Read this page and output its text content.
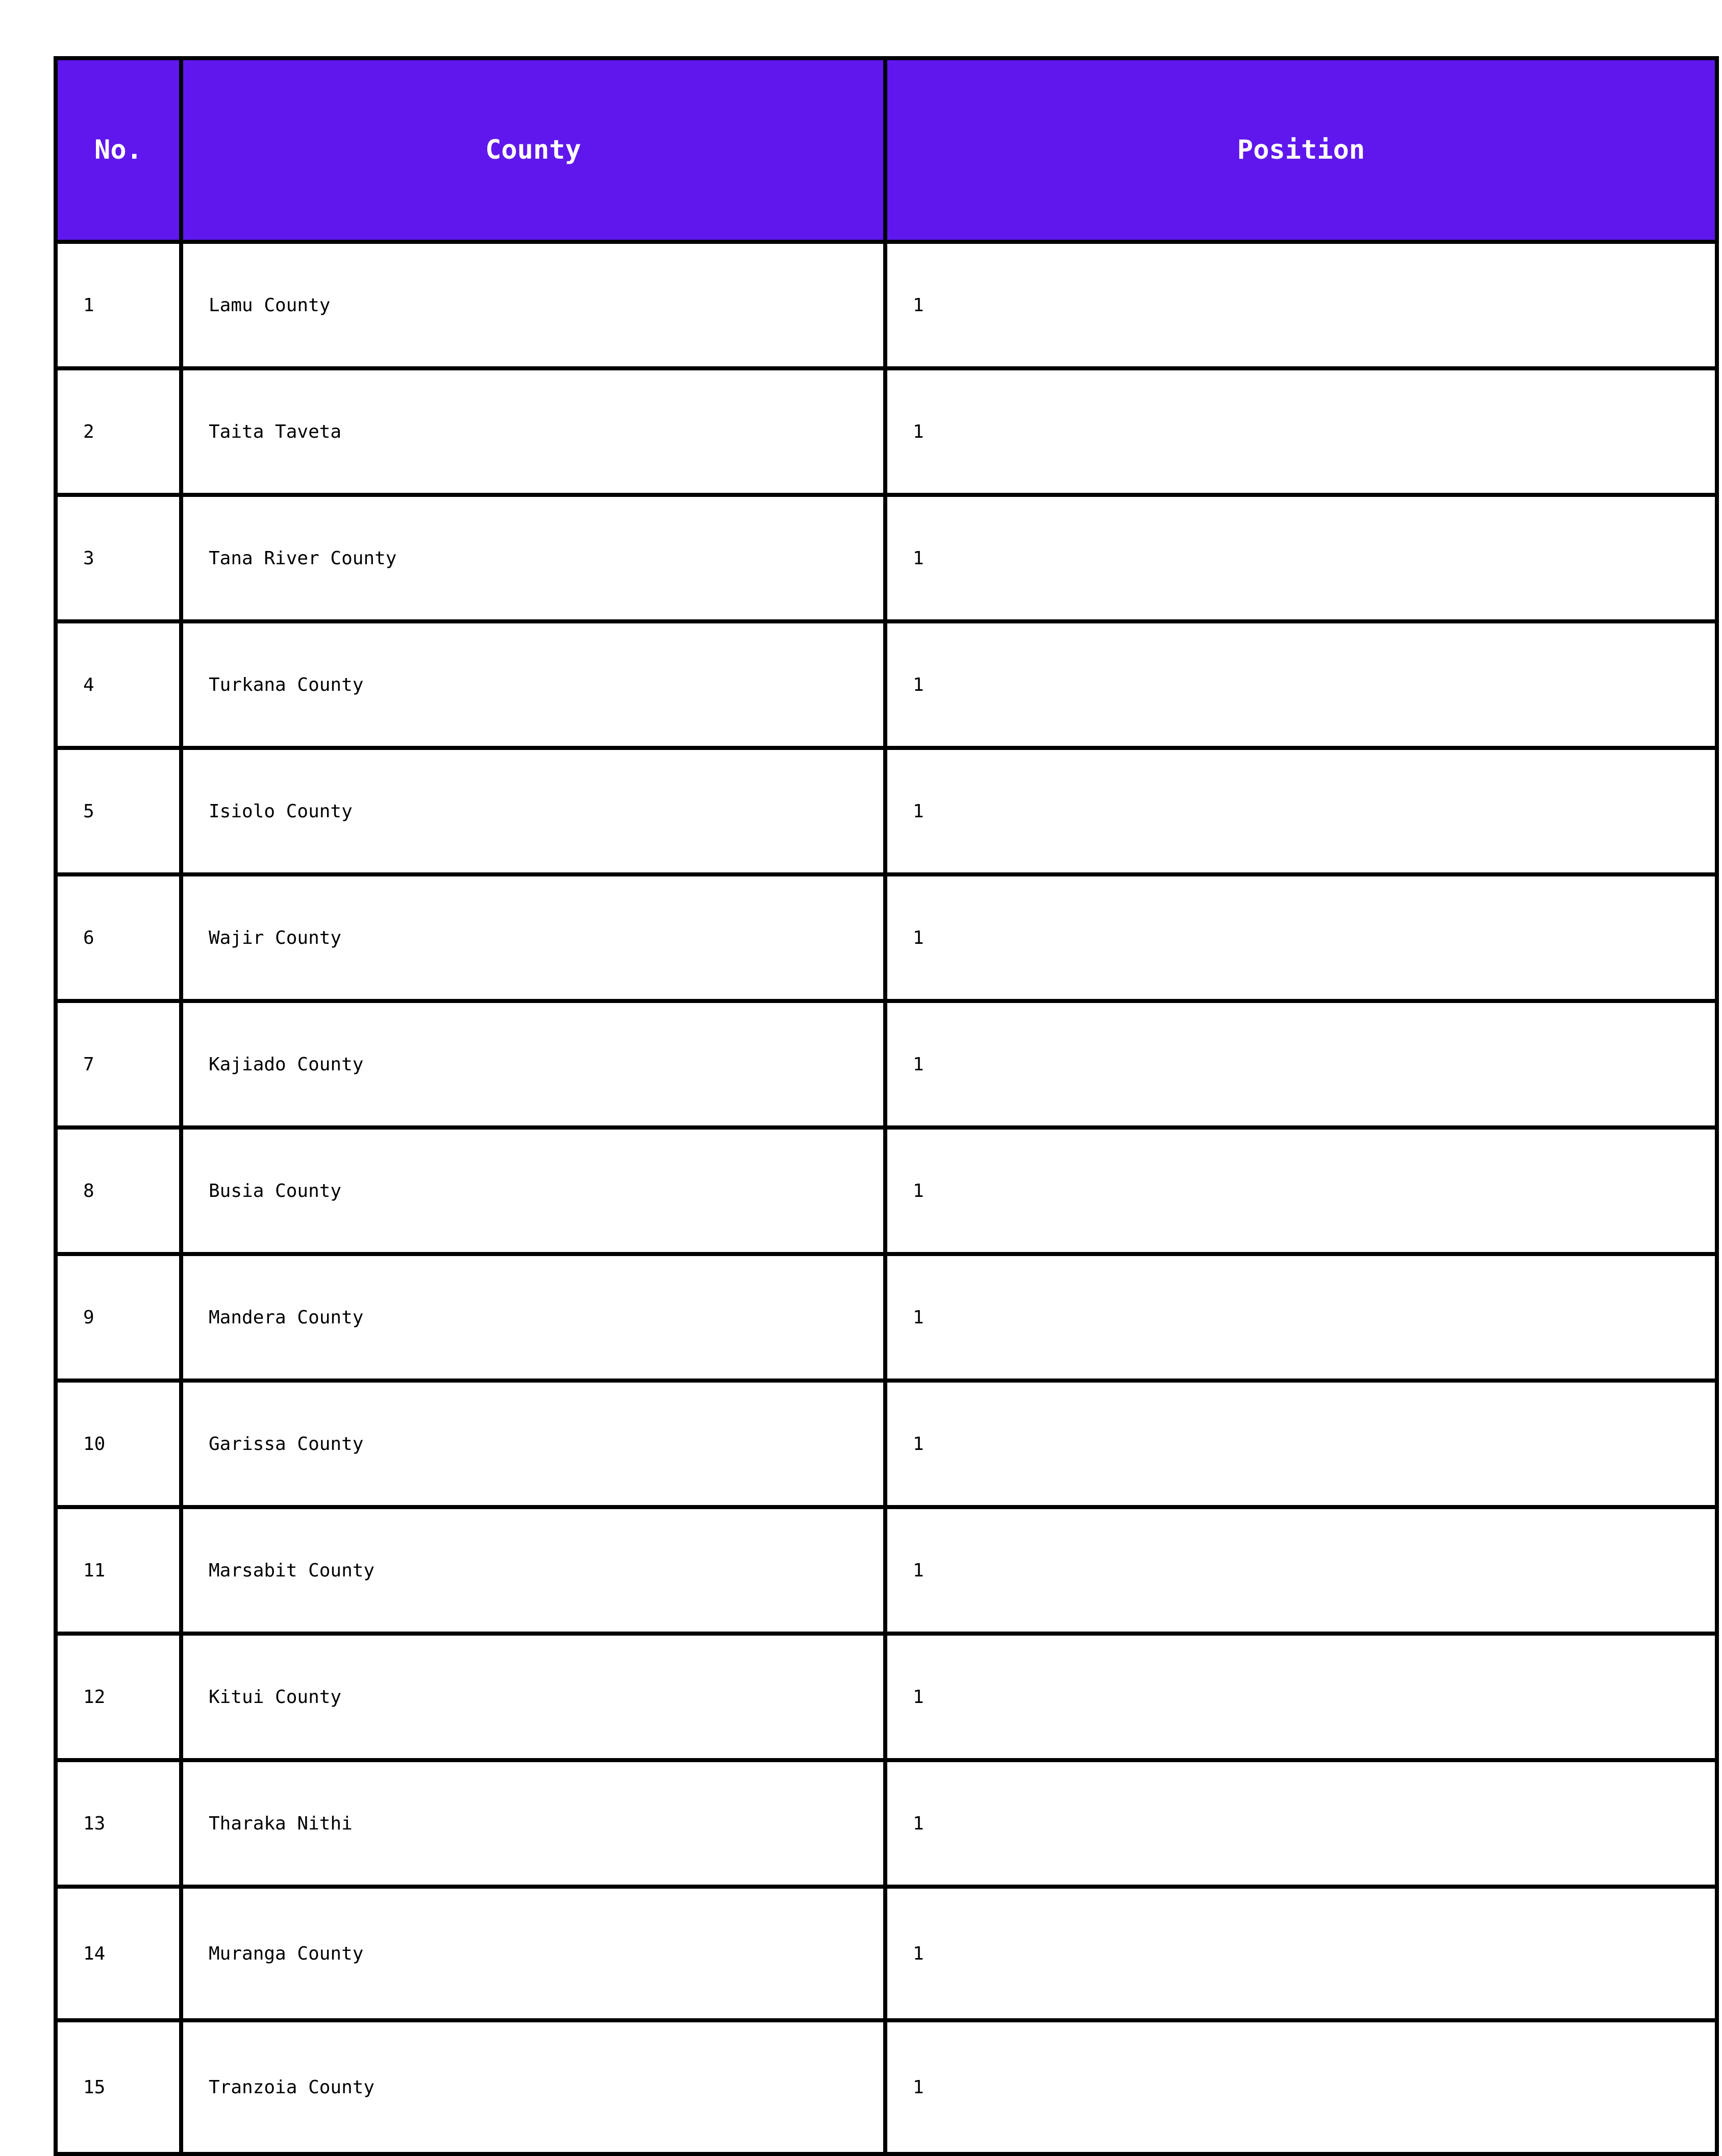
No.	County	Position
1	Lamu County	1
2	Taita Taveta	1
3	Tana River County	1
4	Turkana County	1
5	Isiolo County	1
6	Wajir County	1
7	Kajiado County	1
8	Busia County	1
9	Mandera County	1
10	Garissa County	1
11	Marsabit County	1
12	Kitui County	1
13	Tharaka Nithi	1
14	Muranga County	1
15	Tranzoia County	1
